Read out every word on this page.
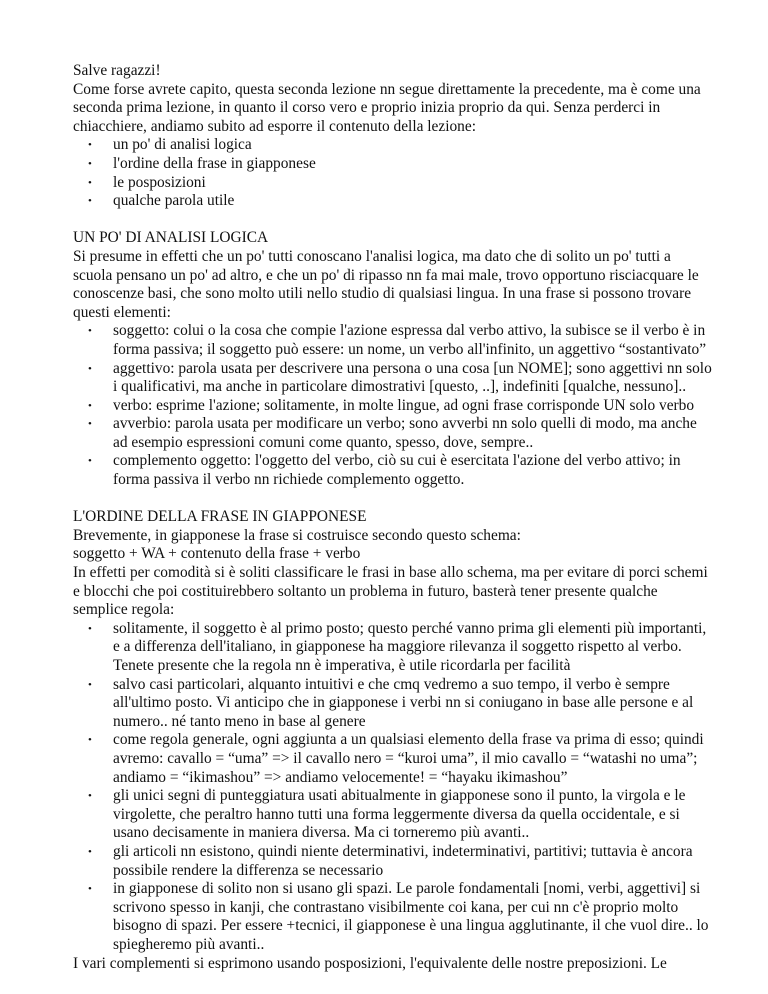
Salve ragazzi!

Come forse avrete capito, questa seconda lezione nn segue direttamente la precedente, ma è come una seconda prima lezione, in quanto il corso vero e proprio inizia proprio da qui. Senza perderci in chiacchiere, andiamo subito ad esporre il contenuto della lezione:

• un po' di analisi logica
• l'ordine della frase in giapponese
• le posposizioni
• qualche parola utile

UN PO' DI ANALISI LOGICA

Si presume in effetti che un po' tutti conoscano l'analisi logica, ma dato che di solito un po' tutti a scuola pensano un po' ad altro, e che un po' di ripasso nn fa mai male, trovo opportuno risciacquare le conoscenze basi, che sono molto utili nello studio di qualsiasi lingua. In una frase si possono trovare questi elementi:

• soggetto: colui o la cosa che compie l'azione espressa dal verbo attivo, la subisce se il verbo è in forma passiva; il soggetto può essere: un nome, un verbo all'infinito, un aggettivo “sostantivato”
• aggettivo: parola usata per descrivere una persona o una cosa [un NOME]; sono aggettivi nn solo i qualificativi, ma anche in particolare dimostrativi [questo, ..], indefiniti [qualche, nessuno]..
• verbo: esprime l'azione; solitamente, in molte lingue, ad ogni frase corrisponde UN solo verbo
• avverbio: parola usata per modificare un verbo; sono avverbi nn solo quelli di modo, ma anche ad esempio espressioni comuni come quanto, spesso, dove, sempre..
• complemento oggetto: l'oggetto del verbo, ciò su cui è esercitata l'azione del verbo attivo; in forma passiva il verbo nn richiede complemento oggetto.

L'ORDINE DELLA FRASE IN GIAPPONESE

Brevemente, in giapponese la frase si costruisce secondo questo schema:

soggetto + WA + contenuto della frase + verbo

In effetti per comodità si è soliti classificare le frasi in base allo schema, ma per evitare di porci schemi e blocchi che poi costituirebbero soltanto un problema in futuro, basterà tener presente qualche semplice regola:

• solitamente, il soggetto è al primo posto; questo perché vanno prima gli elementi più importanti, e a differenza dell'italiano, in giapponese ha maggiore rilevanza il soggetto rispetto al verbo. Tenete presente che la regola nn è imperativa, è utile ricordarla per facilità
• salvo casi particolari, alquanto intuitivi e che cmq vedremo a suo tempo, il verbo è sempre all'ultimo posto. Vi anticipo che in giapponese i verbi nn si coniugano in base alle persone e al numero.. né tanto meno in base al genere
• come regola generale, ogni aggiunta a un qualsiasi elemento della frase va prima di esso; quindi avremo: cavallo = “uma” => il cavallo nero = “kuroi uma”, il mio cavallo = “watashi no uma”; andiamo = “ikimashou” => andiamo velocemente! = “hayaku ikimashou”
• gli unici segni di punteggiatura usati abitualmente in giapponese sono il punto, la virgola e le virgolette, che peraltro hanno tutti una forma leggermente diversa da quella occidentale, e si usano decisamente in maniera diversa. Ma ci torneremo più avanti..
• gli articoli nn esistono, quindi niente determinativi, indeterminativi, partitivi; tuttavia è ancora possibile rendere la differenza se necessario
• in giapponese di solito non si usano gli spazi. Le parole fondamentali [nomi, verbi, aggettivi] si scrivono spesso in kanji, che contrastano visibilmente coi kana, per cui nn c'è proprio molto bisogno di spazi. Per essere +tecnici, il giapponese è una lingua agglutinante, il che vuol dire.. lo spiegheremo più avanti..

I vari complementi si esprimono usando posposizioni, l'equivalente delle nostre preposizioni. Le
